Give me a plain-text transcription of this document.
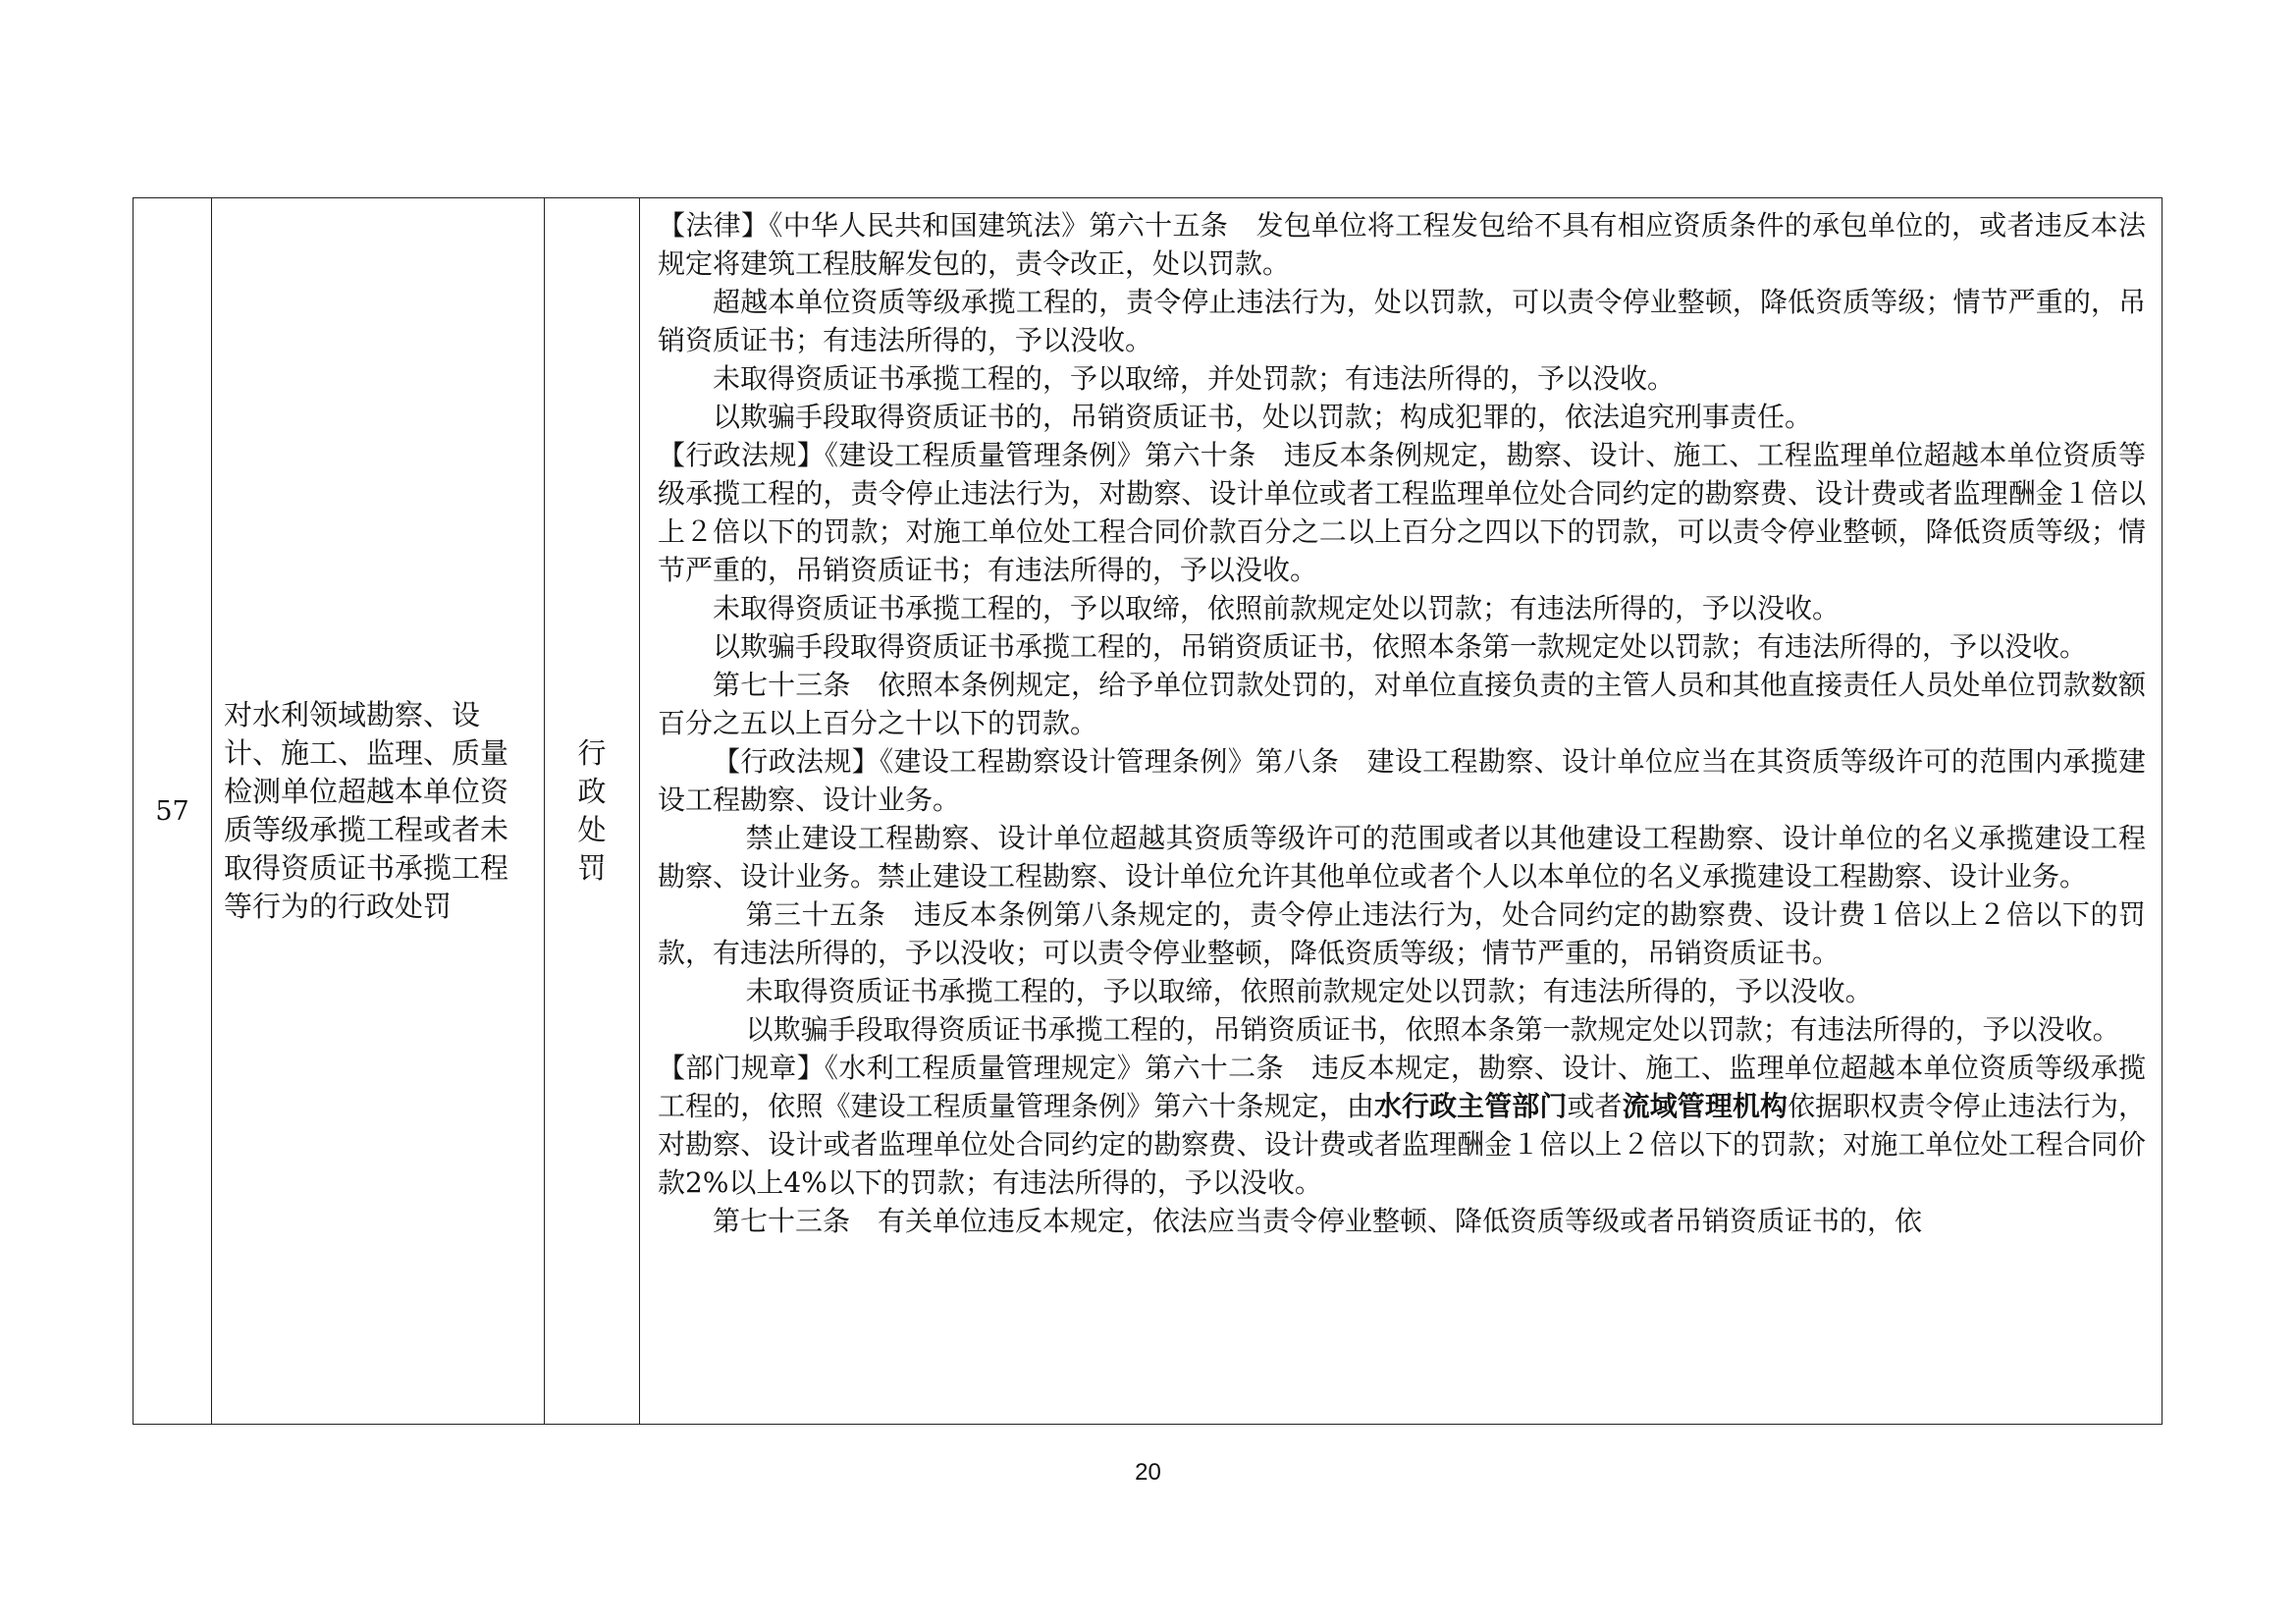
57	对水利领域勘察、设计、施工、监理、质量检测单位超越本单位资质等级承揽工程或者未取得资质证书承揽工程等行为的行政处罚	行政处罚	

【法律】《中华人民共和国建筑法》第六十五条　发包单位将工程发包给不具有相应资质条件的承包单位的，或者违反本法规定将建筑工程肢解发包的，责令改正，处以罚款。

超越本单位资质等级承揽工程的，责令停止违法行为，处以罚款，可以责令停业整顿，降低资质等级；情节严重的，吊销资质证书；有违法所得的，予以没收。

未取得资质证书承揽工程的，予以取缔，并处罚款；有违法所得的，予以没收。

以欺骗手段取得资质证书的，吊销资质证书，处以罚款；构成犯罪的，依法追究刑事责任。

【行政法规】《建设工程质量管理条例》第六十条　违反本条例规定，勘察、设计、施工、工程监理单位超越本单位资质等级承揽工程的，责令停止违法行为，对勘察、设计单位或者工程监理单位处合同约定的勘察费、设计费或者监理酬金１倍以上２倍以下的罚款；对施工单位处工程合同价款百分之二以上百分之四以下的罚款，可以责令停业整顿，降低资质等级；情节严重的，吊销资质证书；有违法所得的，予以没收。

未取得资质证书承揽工程的，予以取缔，依照前款规定处以罚款；有违法所得的，予以没收。

以欺骗手段取得资质证书承揽工程的，吊销资质证书，依照本条第一款规定处以罚款；有违法所得的，予以没收。

第七十三条　依照本条例规定，给予单位罚款处罚的，对单位直接负责的主管人员和其他直接责任人员处单位罚款数额百分之五以上百分之十以下的罚款。

【行政法规】《建设工程勘察设计管理条例》第八条　建设工程勘察、设计单位应当在其资质等级许可的范围内承揽建设工程勘察、设计业务。

禁止建设工程勘察、设计单位超越其资质等级许可的范围或者以其他建设工程勘察、设计单位的名义承揽建设工程勘察、设计业务。禁止建设工程勘察、设计单位允许其他单位或者个人以本单位的名义承揽建设工程勘察、设计业务。

第三十五条　违反本条例第八条规定的，责令停止违法行为，处合同约定的勘察费、设计费１倍以上２倍以下的罚款，有违法所得的，予以没收；可以责令停业整顿，降低资质等级；情节严重的，吊销资质证书。

未取得资质证书承揽工程的，予以取缔，依照前款规定处以罚款；有违法所得的，予以没收。

以欺骗手段取得资质证书承揽工程的，吊销资质证书，依照本条第一款规定处以罚款；有违法所得的，予以没收。

【部门规章】《水利工程质量管理规定》第六十二条　违反本规定，勘察、设计、施工、监理单位超越本单位资质等级承揽工程的，依照《建设工程质量管理条例》第六十条规定，由水行政主管部门或者流域管理机构依据职权责令停止违法行为，对勘察、设计或者监理单位处合同约定的勘察费、设计费或者监理酬金１倍以上２倍以下的罚款；对施工单位处工程合同价款2%以上4%以下的罚款；有违法所得的，予以没收。

第七十三条　有关单位违反本规定，依法应当责令停业整顿、降低资质等级或者吊销资质证书的，依

20
